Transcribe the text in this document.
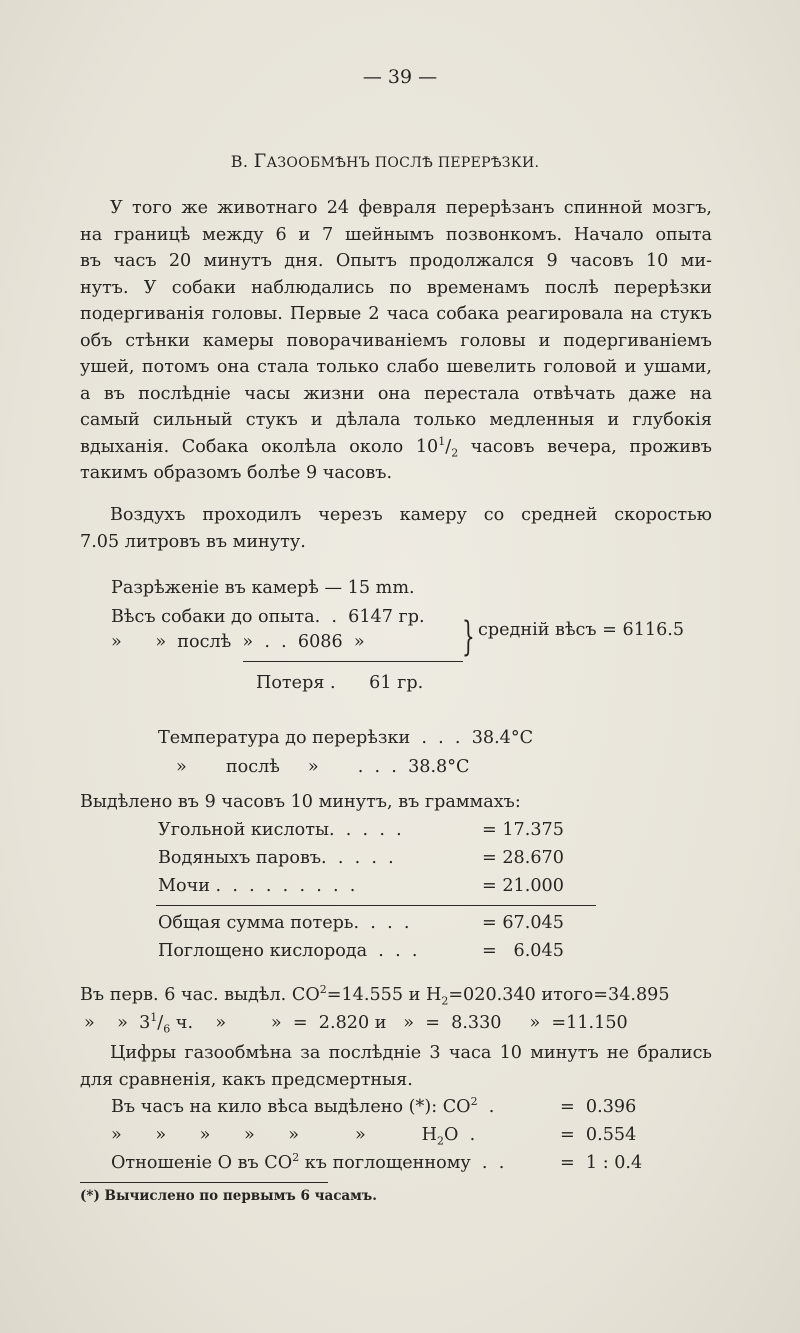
— 39 —
В. ГАЗООБМѢНЪ ПОСЛѢ ПЕРЕРѢЗКИ.
У того же животнаго 24 февраля перерѣзанъ спинной мозгъ,
на границѣ между 6 и 7 шейнымъ позвонкомъ. Начало опыта
въ часъ 20 минутъ дня. Опытъ продолжался 9 часовъ 10 ми-
нутъ. У собаки наблюдались по временамъ послѣ перерѣзки
подергиванія головы. Первые 2 часа собака реагировала на стукъ
объ стѣнки камеры поворачиваніемъ головы и подергиваніемъ
ушей, потомъ она стала только слабо шевелить головой и ушами,
а въ послѣдніе часы жизни она перестала отвѣчать даже на
самый сильный стукъ и дѣлала только медленныя и глубокія
вдыханія. Собака околѣла около $10^1/_2$ часовъ вечера, проживъ
такимъ образомъ болѣе 9 часовъ.
Воздухъ проходилъ черезъ камеру со средней скоростью
7.05 литровъ въ минуту.
Разрѣженіе въ камерѣ — 15 mm.
Вѣсъ собаки до опыта.  .  6147 гр.
»      »  послѣ  »  .  .  6086  » } средній вѣсъ = 6116.5
Потеря .      61 гр.
Температура до перерѣзки  .  .  .  38.4°С
»       послѣ     »       .  .  .  38.8°С
Выдѣлено въ 9 часовъ 10 минутъ, въ граммахъ:
Угольной кислоты.  .  .  .  .	= 17.375
Водяныхъ паровъ.  .  .  .  .	= 28.670
Мочи .  .  .  .  .  .  .  .  .	= 21.000
Общая сумма потерь.  .  .  .	= 67.045
Поглощено кислорода  .  .  .	=   6.045
Въ перв. 6 час. выдѣл. $СО^2=14.555$ и $Н_2=020.340$ итого=34.895
»    »  $3^1/_6$ ч.    »        »  =  2.820 и   »  =  8.330     »  =11.150
Цифры газообмѣна за послѣдніе 3 часа 10 минутъ не брались
для сравненія, какъ предсмертныя.
Въ часъ на кило вѣса выдѣлено (*): $СО^2$  .	=  0.396
»      »      »      »      »          »          $Н_2О$  .	=  0.554
Отношеніе О въ $СО^2$ къ поглощенному  .  .	=  1 : 0.4
(*) Вычислено по первымъ 6 часамъ.
